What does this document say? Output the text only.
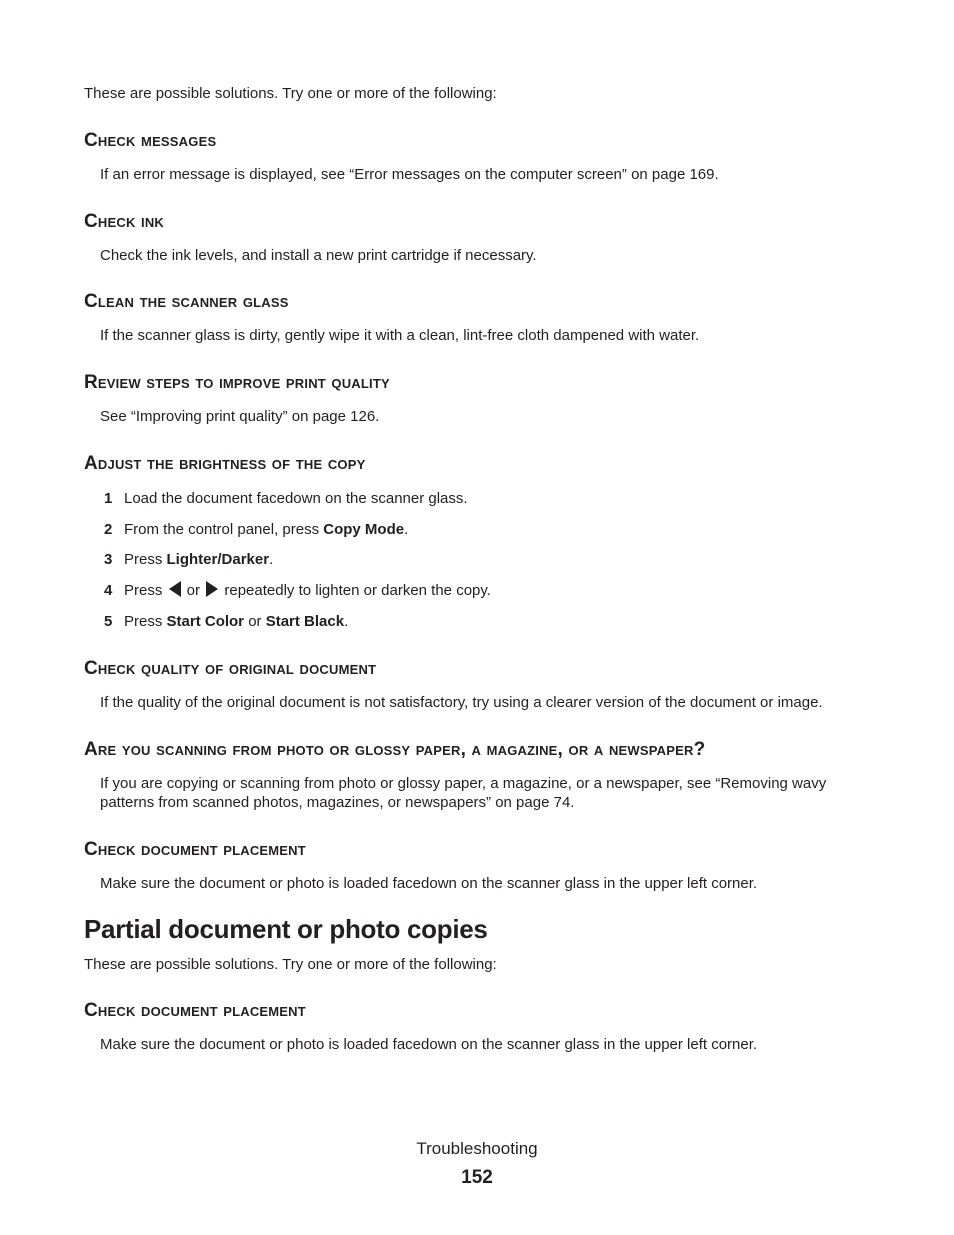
These are possible solutions. Try one or more of the following:
Check messages
If an error message is displayed, see “Error messages on the computer screen” on page 169.
Check ink
Check the ink levels, and install a new print cartridge if necessary.
Clean the scanner glass
If the scanner glass is dirty, gently wipe it with a clean, lint-free cloth dampened with water.
Review steps to improve print quality
See “Improving print quality” on page 126.
Adjust the brightness of the copy
1 Load the document facedown on the scanner glass.
2 From the control panel, press Copy Mode.
3 Press Lighter/Darker.
4 Press  or  repeatedly to lighten or darken the copy.
5 Press Start Color or Start Black.
Check quality of original document
If the quality of the original document is not satisfactory, try using a clearer version of the document or image.
Are you scanning from photo or glossy paper, a magazine, or a newspaper?
If you are copying or scanning from photo or glossy paper, a magazine, or a newspaper, see “Removing wavy patterns from scanned photos, magazines, or newspapers” on page 74.
Check document placement
Make sure the document or photo is loaded facedown on the scanner glass in the upper left corner.
Partial document or photo copies
These are possible solutions. Try one or more of the following:
Check document placement
Make sure the document or photo is loaded facedown on the scanner glass in the upper left corner.
Troubleshooting
152
